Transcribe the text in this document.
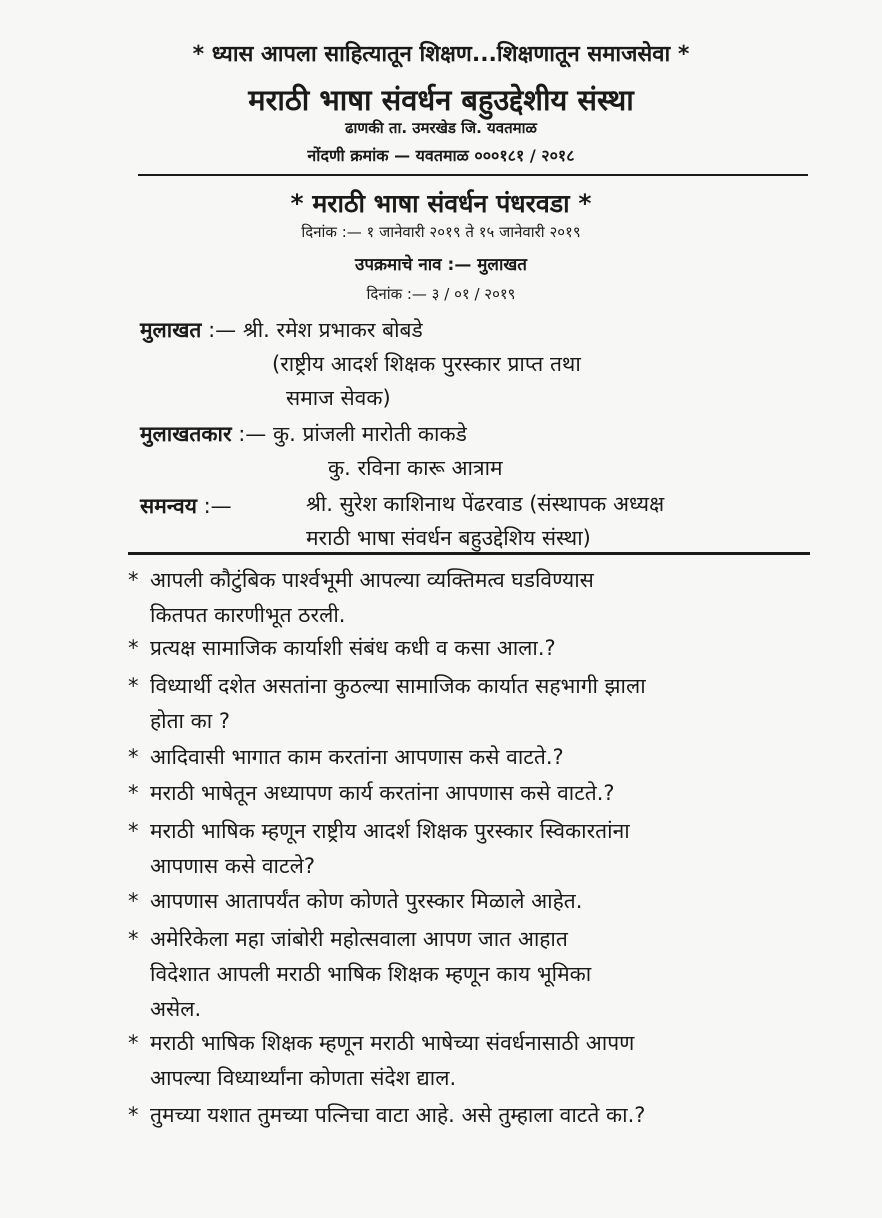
* ध्यास आपला साहित्यातून शिक्षण...शिक्षणातून समाजसेवा *
मराठी भाषा संवर्धन बहुउद्देशीय संस्था
ढाणकी ता. उमरखेड जि. यवतमाळ
नोंदणी क्रमांक — यवतमाळ ०००१८१ / २०१८
* मराठी भाषा संवर्धन पंधरवडा *
दिनांक :— १ जानेवारी २०१९ ते १५ जानेवारी २०१९
उपक्रमाचे नाव :— मुलाखत
दिनांक :— ३ / ०१ / २०१९
मुलाखत :— श्री. रमेश प्रभाकर बोबडे
(राष्ट्रीय आदर्श शिक्षक पुरस्कार प्राप्त तथा
समाज सेवक)
मुलाखतकार :— कु. प्रांजली मारोती काकडे
कु. रविना कारू आत्राम
समन्वय :—	श्री. सुरेश काशिनाथ पेंढरवाड (संस्थापक अध्यक्ष
मराठी भाषा संवर्धन बहुउद्देशिय संस्था)
* आपली कौटुंबिक पार्श्वभूमी आपल्या व्यक्तिमत्व घडविण्यास
कितपत कारणीभूत ठरली.
* प्रत्यक्ष सामाजिक कार्याशी संबंध कधी व कसा आला.?
* विध्यार्थी दशेत असतांना कुठल्या सामाजिक कार्यात सहभागी झाला
होता का ?
* आदिवासी भागात काम करतांना आपणास कसे वाटते.?
* मराठी भाषेतून अध्यापण कार्य करतांना आपणास कसे वाटते.?
* मराठी भाषिक म्हणून राष्ट्रीय आदर्श शिक्षक पुरस्कार स्विकारतांना
आपणास कसे वाटले?
* आपणास आतापर्यंत कोण कोणते पुरस्कार मिळाले आहेत.
* अमेरिकेला महा जांबोरी महोत्सवाला आपण जात आहात
विदेशात आपली मराठी भाषिक शिक्षक म्हणून काय भूमिका
असेल.
* मराठी भाषिक शिक्षक म्हणून मराठी भाषेच्या संवर्धनासाठी आपण
आपल्या विध्यार्थ्यांना कोणता संदेश द्याल.
* तुमच्या यशात तुमच्या पत्निचा वाटा आहे. असे तुम्हाला वाटते का.?
